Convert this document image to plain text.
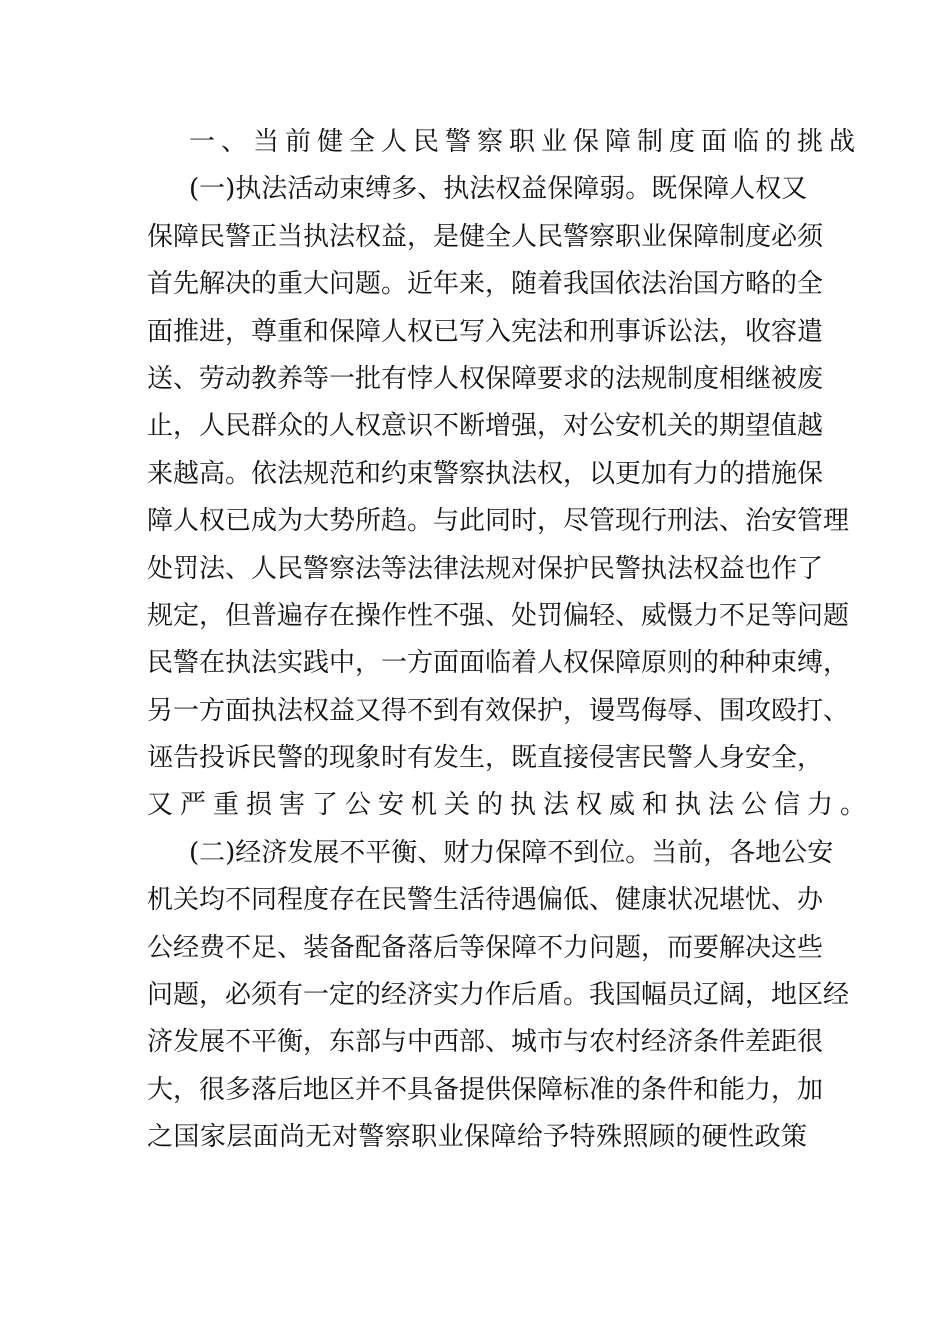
一、当前健全人民警察职业保障制度面临的挑战
(一)执法活动束缚多、执法权益保障弱。既保障人权又
保障民警正当执法权益，是健全人民警察职业保障制度必须
首先解决的重大问题。近年来，随着我国依法治国方略的全
面推进，尊重和保障人权已写入宪法和刑事诉讼法，收容遣
送、劳动教养等一批有悖人权保障要求的法规制度相继被废
止，人民群众的人权意识不断增强，对公安机关的期望值越
来越高。依法规范和约束警察执法权，以更加有力的措施保
障人权已成为大势所趋。与此同时，尽管现行刑法、治安管理
处罚法、人民警察法等法律法规对保护民警执法权益也作了
规定，但普遍存在操作性不强、处罚偏轻、威慑力不足等问题
民警在执法实践中，一方面面临着人权保障原则的种种束缚，
另一方面执法权益又得不到有效保护，谩骂侮辱、围攻殴打、
诬告投诉民警的现象时有发生，既直接侵害民警人身安全，
又严重损害了公安机关的执法权威和执法公信力。
(二)经济发展不平衡、财力保障不到位。当前，各地公安
机关均不同程度存在民警生活待遇偏低、健康状况堪忧、办
公经费不足、装备配备落后等保障不力问题，而要解决这些
问题，必须有一定的经济实力作后盾。我国幅员辽阔，地区经
济发展不平衡，东部与中西部、城市与农村经济条件差距很
大，很多落后地区并不具备提供保障标准的条件和能力，加
之国家层面尚无对警察职业保障给予特殊照顾的硬性政策
